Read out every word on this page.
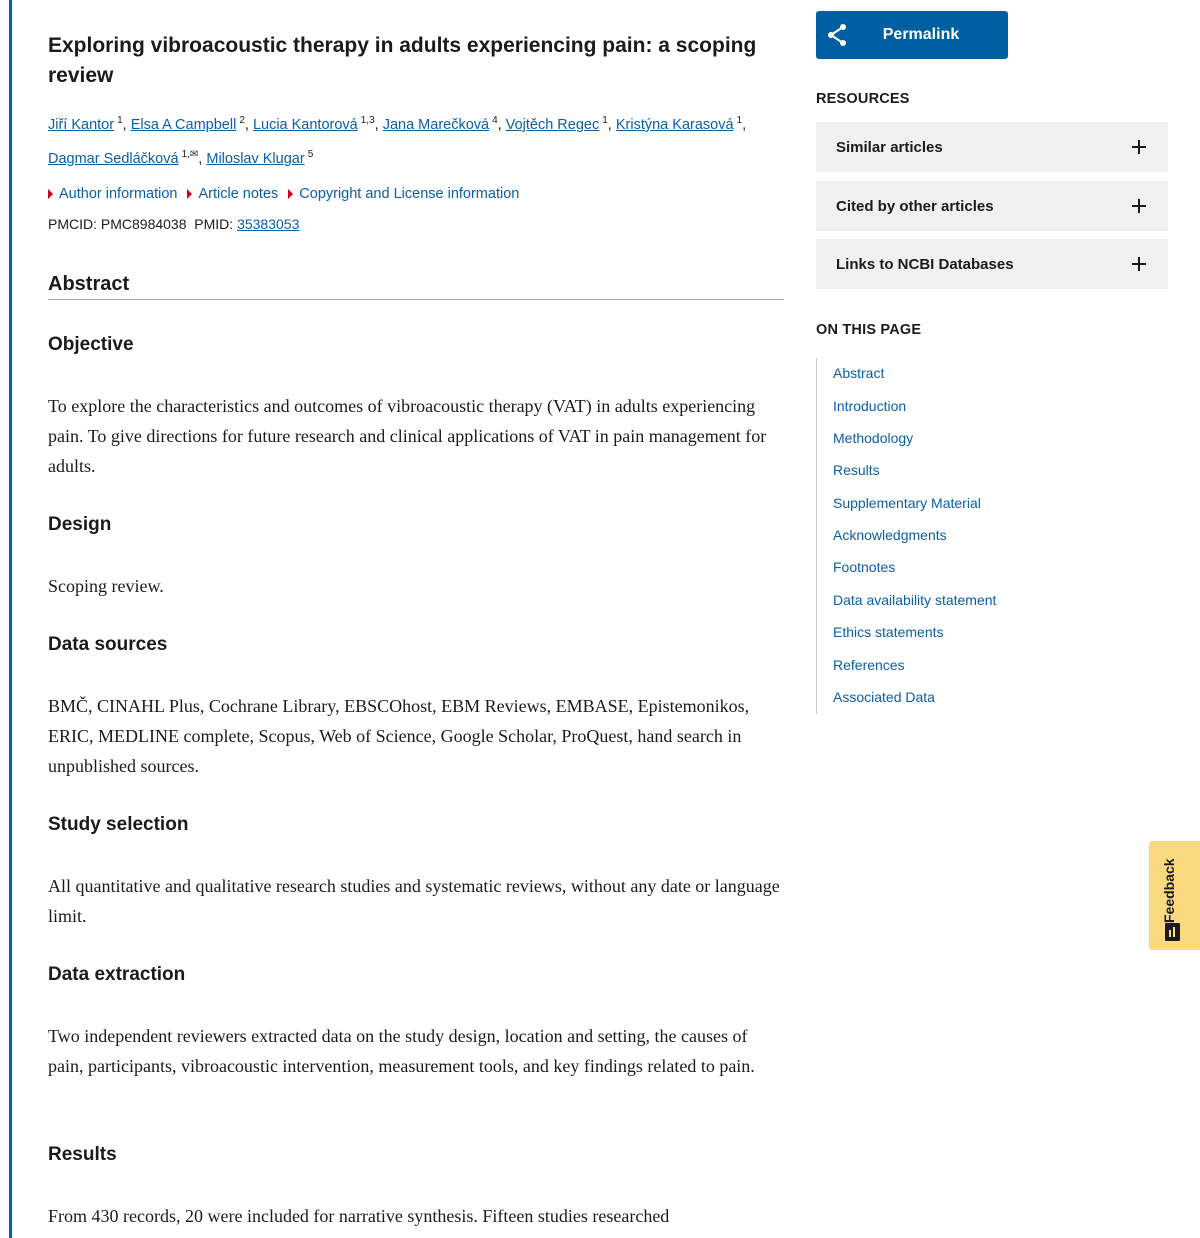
Exploring vibroacoustic therapy in adults experiencing pain: a scoping review
Jiří Kantor $^1$, Elsa A Campbell $^2$, Lucia Kantorová $^{1,3}$, Jana Marečková $^4$, Vojtěch Regec $^1$, Kristýna Karasová $^1$,
Dagmar Sedláčková $^{1,✉}$, Miloslav Klugar $^5$
Author information Article notes Copyright and License information
PMCID: PMC8984038 PMID: 35383053
Abstract
Objective

To explore the characteristics and outcomes of vibroacoustic therapy (VAT) in adults experiencing pain. To give directions for future research and clinical applications of VAT in pain management for adults.

Design

Scoping review.

Data sources

BMČ, CINAHL Plus, Cochrane Library, EBSCOhost, EBM Reviews, EMBASE, Epistemonikos, ERIC, MEDLINE complete, Scopus, Web of Science, Google Scholar, ProQuest, hand search in unpublished sources.

Study selection

All quantitative and qualitative research studies and systematic reviews, without any date or language limit.

Data extraction

Two independent reviewers extracted data on the study design, location and setting, the causes of pain, participants, vibroacoustic intervention, measurement tools, and key findings related to pain.

Results

From 430 records, 20 were included for narrative synthesis. Fifteen studies researched

Permalink
RESOURCES
Similar articles
Cited by other articles
Links to NCBI Databases
ON THIS PAGE
Abstract
Introduction
Methodology
Results
Supplementary Material
Acknowledgments
Footnotes
Data availability statement
Ethics statements
References
Associated Data
Feedback
